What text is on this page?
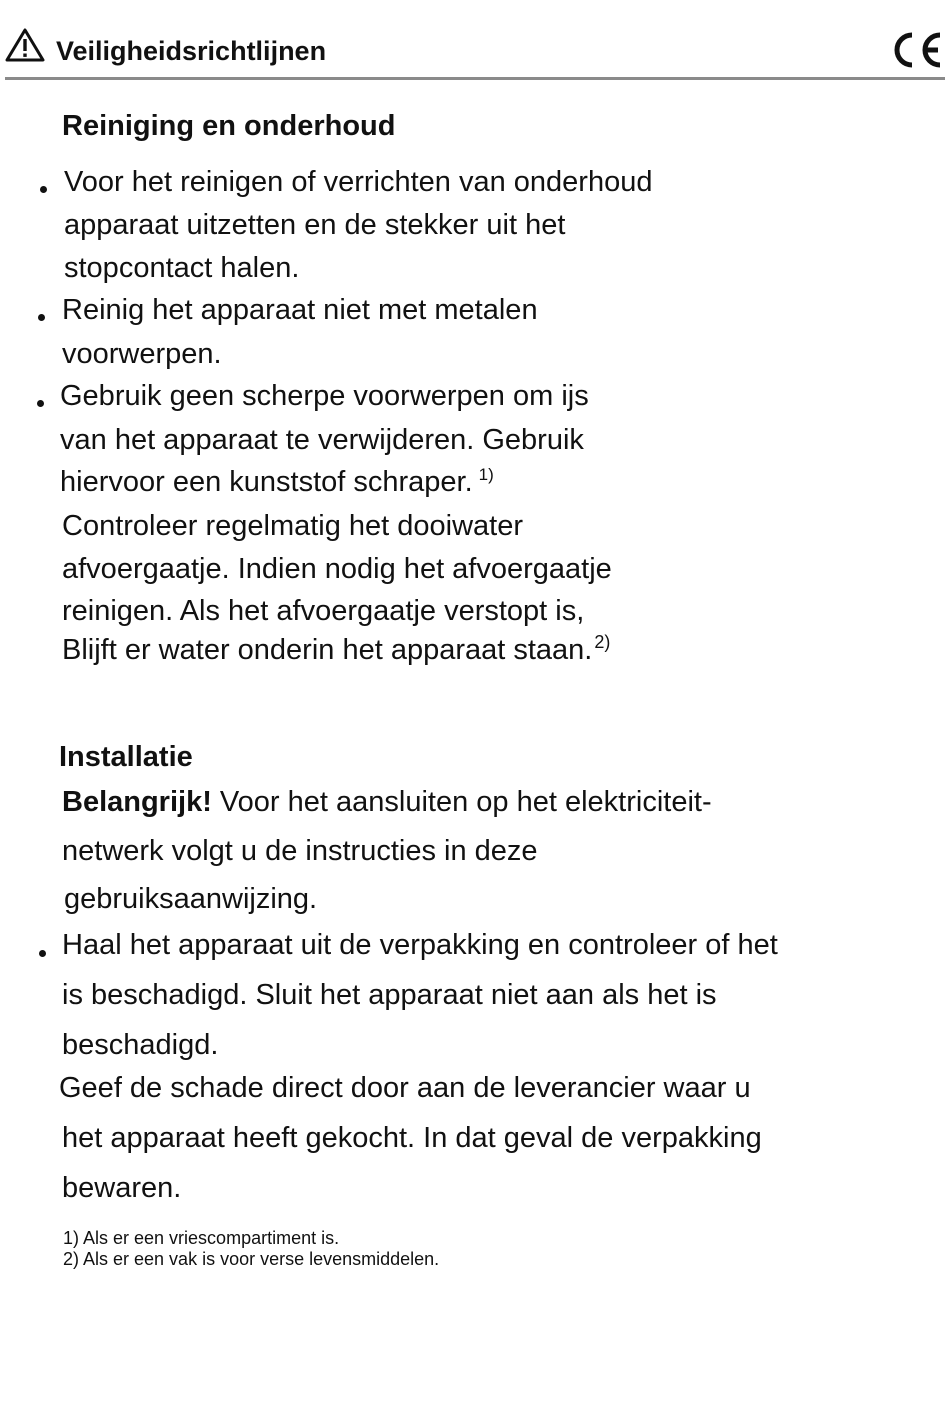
Veiligheidsrichtlijnen
Reiniging en onderhoud
Voor het reinigen of verrichten van onderhoud
apparaat uitzetten en de stekker uit het
stopcontact halen.
Reinig het apparaat niet met metalen
voorwerpen.
Gebruik geen scherpe voorwerpen om ijs
van het apparaat te verwijderen. Gebruik
hiervoor een kunststof schraper. $^{1)}$
Controleer regelmatig het dooiwater
afvoergaatje. Indien nodig het afvoergaatje
reinigen. Als het afvoergaatje verstopt is,
Blijft er water onderin het apparaat staan. $^{2)}$
Installatie
Belangrijk! Voor het aansluiten op het elektriciteit-
netwerk volgt u de instructies in deze
gebruiksaanwijzing.
Haal het apparaat uit de verpakking en controleer of het
is beschadigd. Sluit het apparaat niet aan als het is
beschadigd.
Geef de schade direct door aan de leverancier waar u
het apparaat heeft gekocht. In dat geval de verpakking
bewaren.
1) Als er een vriescompartiment is.
2) Als er een vak is voor verse levensmiddelen.
